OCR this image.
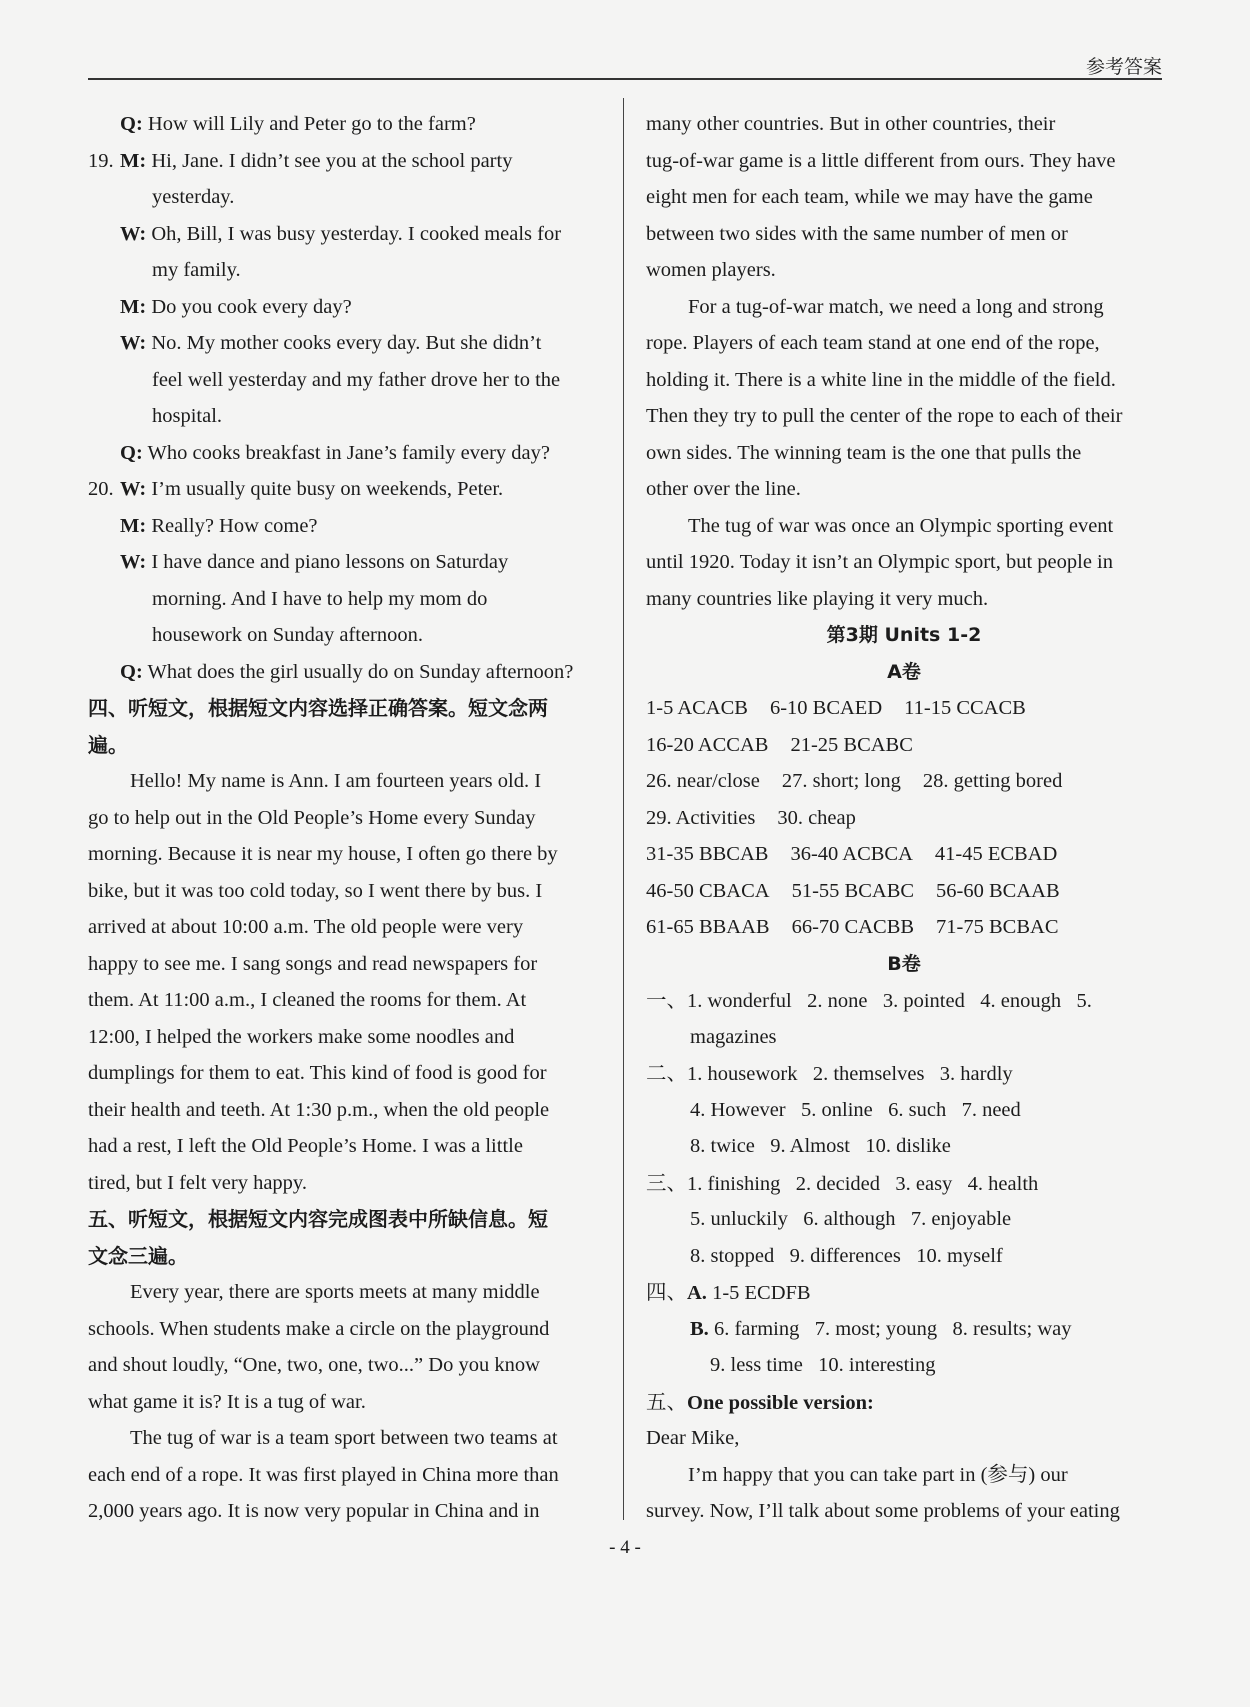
参考答案
Q: How will Lily and Peter go to the farm?
19. M: Hi, Jane. I didn’t see you at the school party
yesterday.
W: Oh, Bill, I was busy yesterday. I cooked meals for
my family.
M: Do you cook every day?
W: No. My mother cooks every day. But she didn’t
feel well yesterday and my father drove her to the
hospital.
Q: Who cooks breakfast in Jane’s family every day?
20. W: I’m usually quite busy on weekends, Peter.
M: Really? How come?
W: I have dance and piano lessons on Saturday
morning. And I have to help my mom do
housework on Sunday afternoon.
Q: What does the girl usually do on Sunday afternoon?
四、听短文，根据短文内容选择正确答案。短文念两
遍。
Hello! My name is Ann. I am fourteen years old. I
go to help out in the Old People’s Home every Sunday
morning. Because it is near my house, I often go there by
bike, but it was too cold today, so I went there by bus. I
arrived at about 10:00 a.m. The old people were very
happy to see me. I sang songs and read newspapers for
them. At 11:00 a.m., I cleaned the rooms for them. At
12:00, I helped the workers make some noodles and
dumplings for them to eat. This kind of food is good for
their health and teeth. At 1:30 p.m., when the old people
had a rest, I left the Old People’s Home. I was a little
tired, but I felt very happy.
五、听短文，根据短文内容完成图表中所缺信息。短
文念三遍。
Every year, there are sports meets at many middle
schools. When students make a circle on the playground
and shout loudly, “One, two, one, two...” Do you know
what game it is? It is a tug of war.
The tug of war is a team sport between two teams at
each end of a rope. It was first played in China more than
2,000 years ago. It is now very popular in China and in
many other countries. But in other countries, their
tug-of-war game is a little different from ours. They have
eight men for each team, while we may have the game
between two sides with the same number of men or
women players.
For a tug-of-war match, we need a long and strong
rope. Players of each team stand at one end of the rope,
holding it. There is a white line in the middle of the field.
Then they try to pull the center of the rope to each of their
own sides. The winning team is the one that pulls the
other over the line.
The tug of war was once an Olympic sporting event
until 1920. Today it isn’t an Olympic sport, but people in
many countries like playing it very much.
第3期 Units 1-2
A卷
1-5 ACACB 6-10 BCAED 11-15 CCACB
16-20 ACCAB 21-25 BCABC
26. near/close 27. short; long 28. getting bored
29. Activities 30. cheap
31-35 BBCAB 36-40 ACBCA 41-45 ECBAD
46-50 CBACA 51-55 BCABC 56-60 BCAAB
61-65 BBAAB 66-70 CACBB 71-75 BCBAC
B卷
一、1. wonderful   2. none   3. pointed   4. enough   5.
magazines
二、1. housework   2. themselves   3. hardly
4. However   5. online   6. such   7. need
8. twice   9. Almost   10. dislike
三、1. finishing   2. decided   3. easy   4. health
5. unluckily   6. although   7. enjoyable
8. stopped   9. differences   10. myself
四、A. 1-5 ECDFB
B. 6. farming   7. most; young   8. results; way
9. less time   10. interesting
五、One possible version:
Dear Mike,
I’m happy that you can take part in (参与) our
survey. Now, I’ll talk about some problems of your eating
- 4 -
